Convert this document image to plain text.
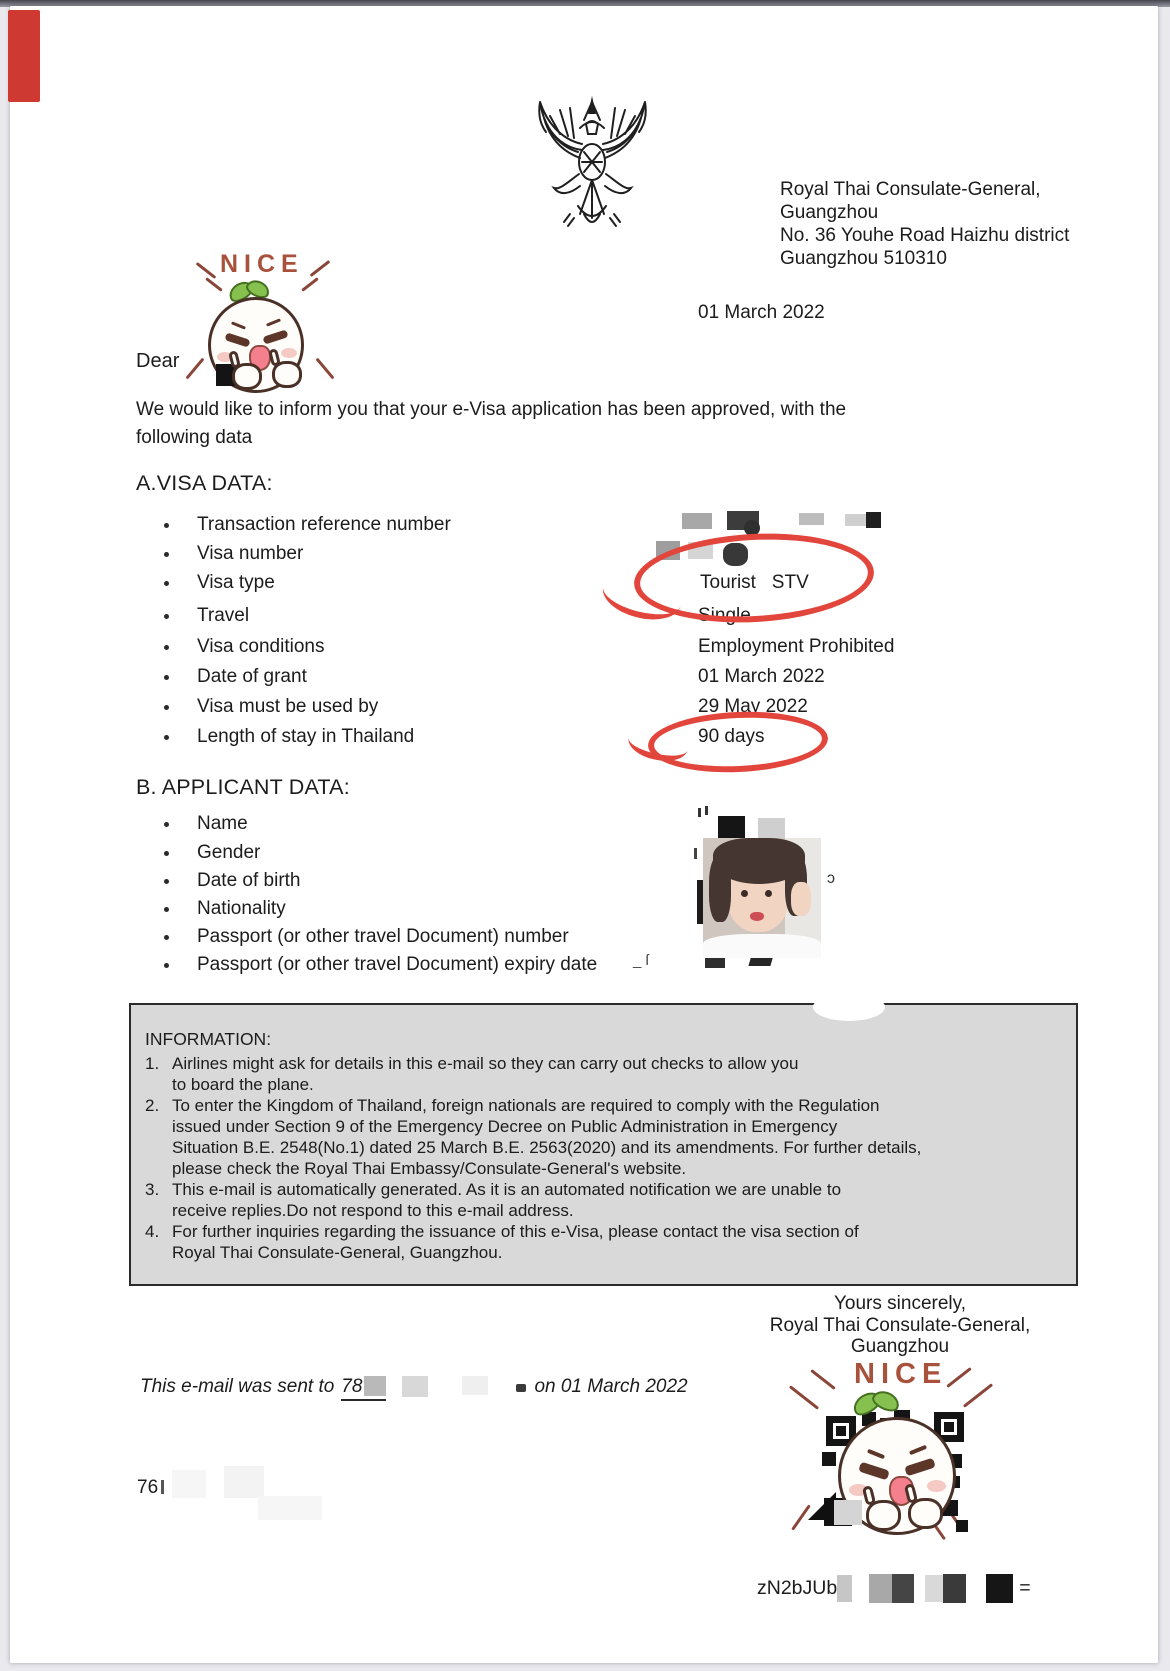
Royal Thai Consulate-General,
Guangzhou
No. 36 Youhe Road Haizhu district
Guangzhou 510310
01 March 2022
NICE
Dear
We would like to inform you that your e-Visa application has been approved, with the
following data
A.VISA DATA:
Transaction reference number
Visa number
Visa type
Travel
Visa conditions
Date of grant
Visa must be used by
Length of stay in Thailand
Tourist   STV
Single
Employment Prohibited
01 March 2022
29 May 2022
90 days
B. APPLICANT DATA:
Name
Gender
Date of birth
Nationality
Passport (or other travel Document) number
Passport (or other travel Document) expiry date
ɔ
_ ſ
INFORMATION:
1. Airlines might ask for details in this e-mail so they can carry out checks to allow you
to board the plane.
2. To enter the Kingdom of Thailand, foreign nationals are required to comply with the Regulation
issued under Section 9 of the Emergency Decree on Public Administration in Emergency
Situation B.E. 2548(No.1) dated 25 March B.E. 2563(2020) and its amendments. For further details,
please check the Royal Thai Embassy/Consulate-General's website.
3. This e-mail is automatically generated. As it is an automated notification we are unable to
receive replies.Do not respond to this e-mail address.
4. For further inquiries regarding the issuance of this e-Visa, please contact the visa section of
Royal Thai Consulate-General, Guangzhou.
Yours sincerely,
Royal Thai Consulate-General,
Guangzhou
NICE
This e-mail was sent to 78	on 01 March 2022
76
zN2bJUb	=
